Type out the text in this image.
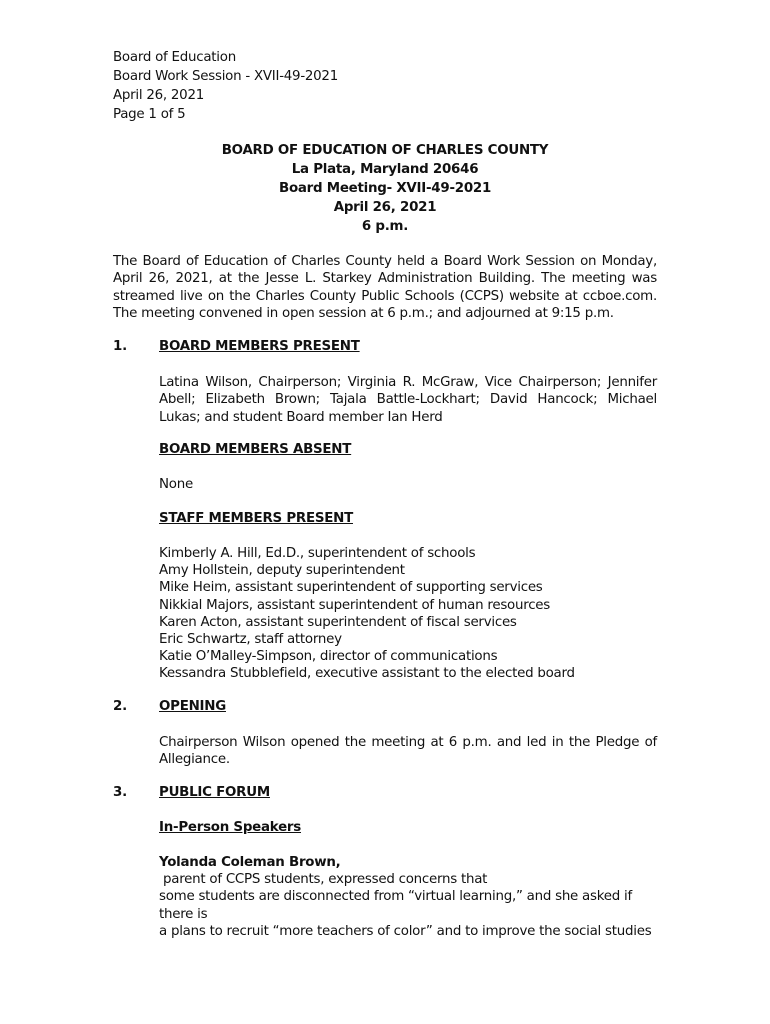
Board of Education
Board Work Session - XVII-49-2021
April 26, 2021
Page 1 of 5
BOARD OF EDUCATION OF CHARLES COUNTY
La Plata, Maryland 20646
Board Meeting- XVII-49-2021
April 26, 2021
6 p.m.
The Board of Education of Charles County held a Board Work Session on Monday, April 26, 2021, at the Jesse L. Starkey Administration Building. The meeting was streamed live on the Charles County Public Schools (CCPS) website at ccboe.com. The meeting convened in open session at 6 p.m.; and adjourned at 9:15 p.m.
1. BOARD MEMBERS PRESENT
Latina Wilson, Chairperson; Virginia R. McGraw, Vice Chairperson; Jennifer Abell; Elizabeth Brown; Tajala Battle-Lockhart; David Hancock; Michael Lukas; and student Board member Ian Herd
BOARD MEMBERS ABSENT
None
STAFF MEMBERS PRESENT
Kimberly A. Hill, Ed.D., superintendent of schools
Amy Hollstein, deputy superintendent
Mike Heim, assistant superintendent of supporting services
Nikkial Majors, assistant superintendent of human resources
Karen Acton, assistant superintendent of fiscal services
Eric Schwartz, staff attorney
Katie O’Malley-Simpson, director of communications
Kessandra Stubblefield, executive assistant to the elected board
2. OPENING
Chairperson Wilson opened the meeting at 6 p.m. and led in the Pledge of Allegiance.
3. PUBLIC FORUM
In-Person Speakers
Yolanda Coleman Brown, parent of CCPS students, expressed concerns that
some students are disconnected from “virtual learning,” and she asked if there is
a plans to recruit “more teachers of color” and to improve the social studies
